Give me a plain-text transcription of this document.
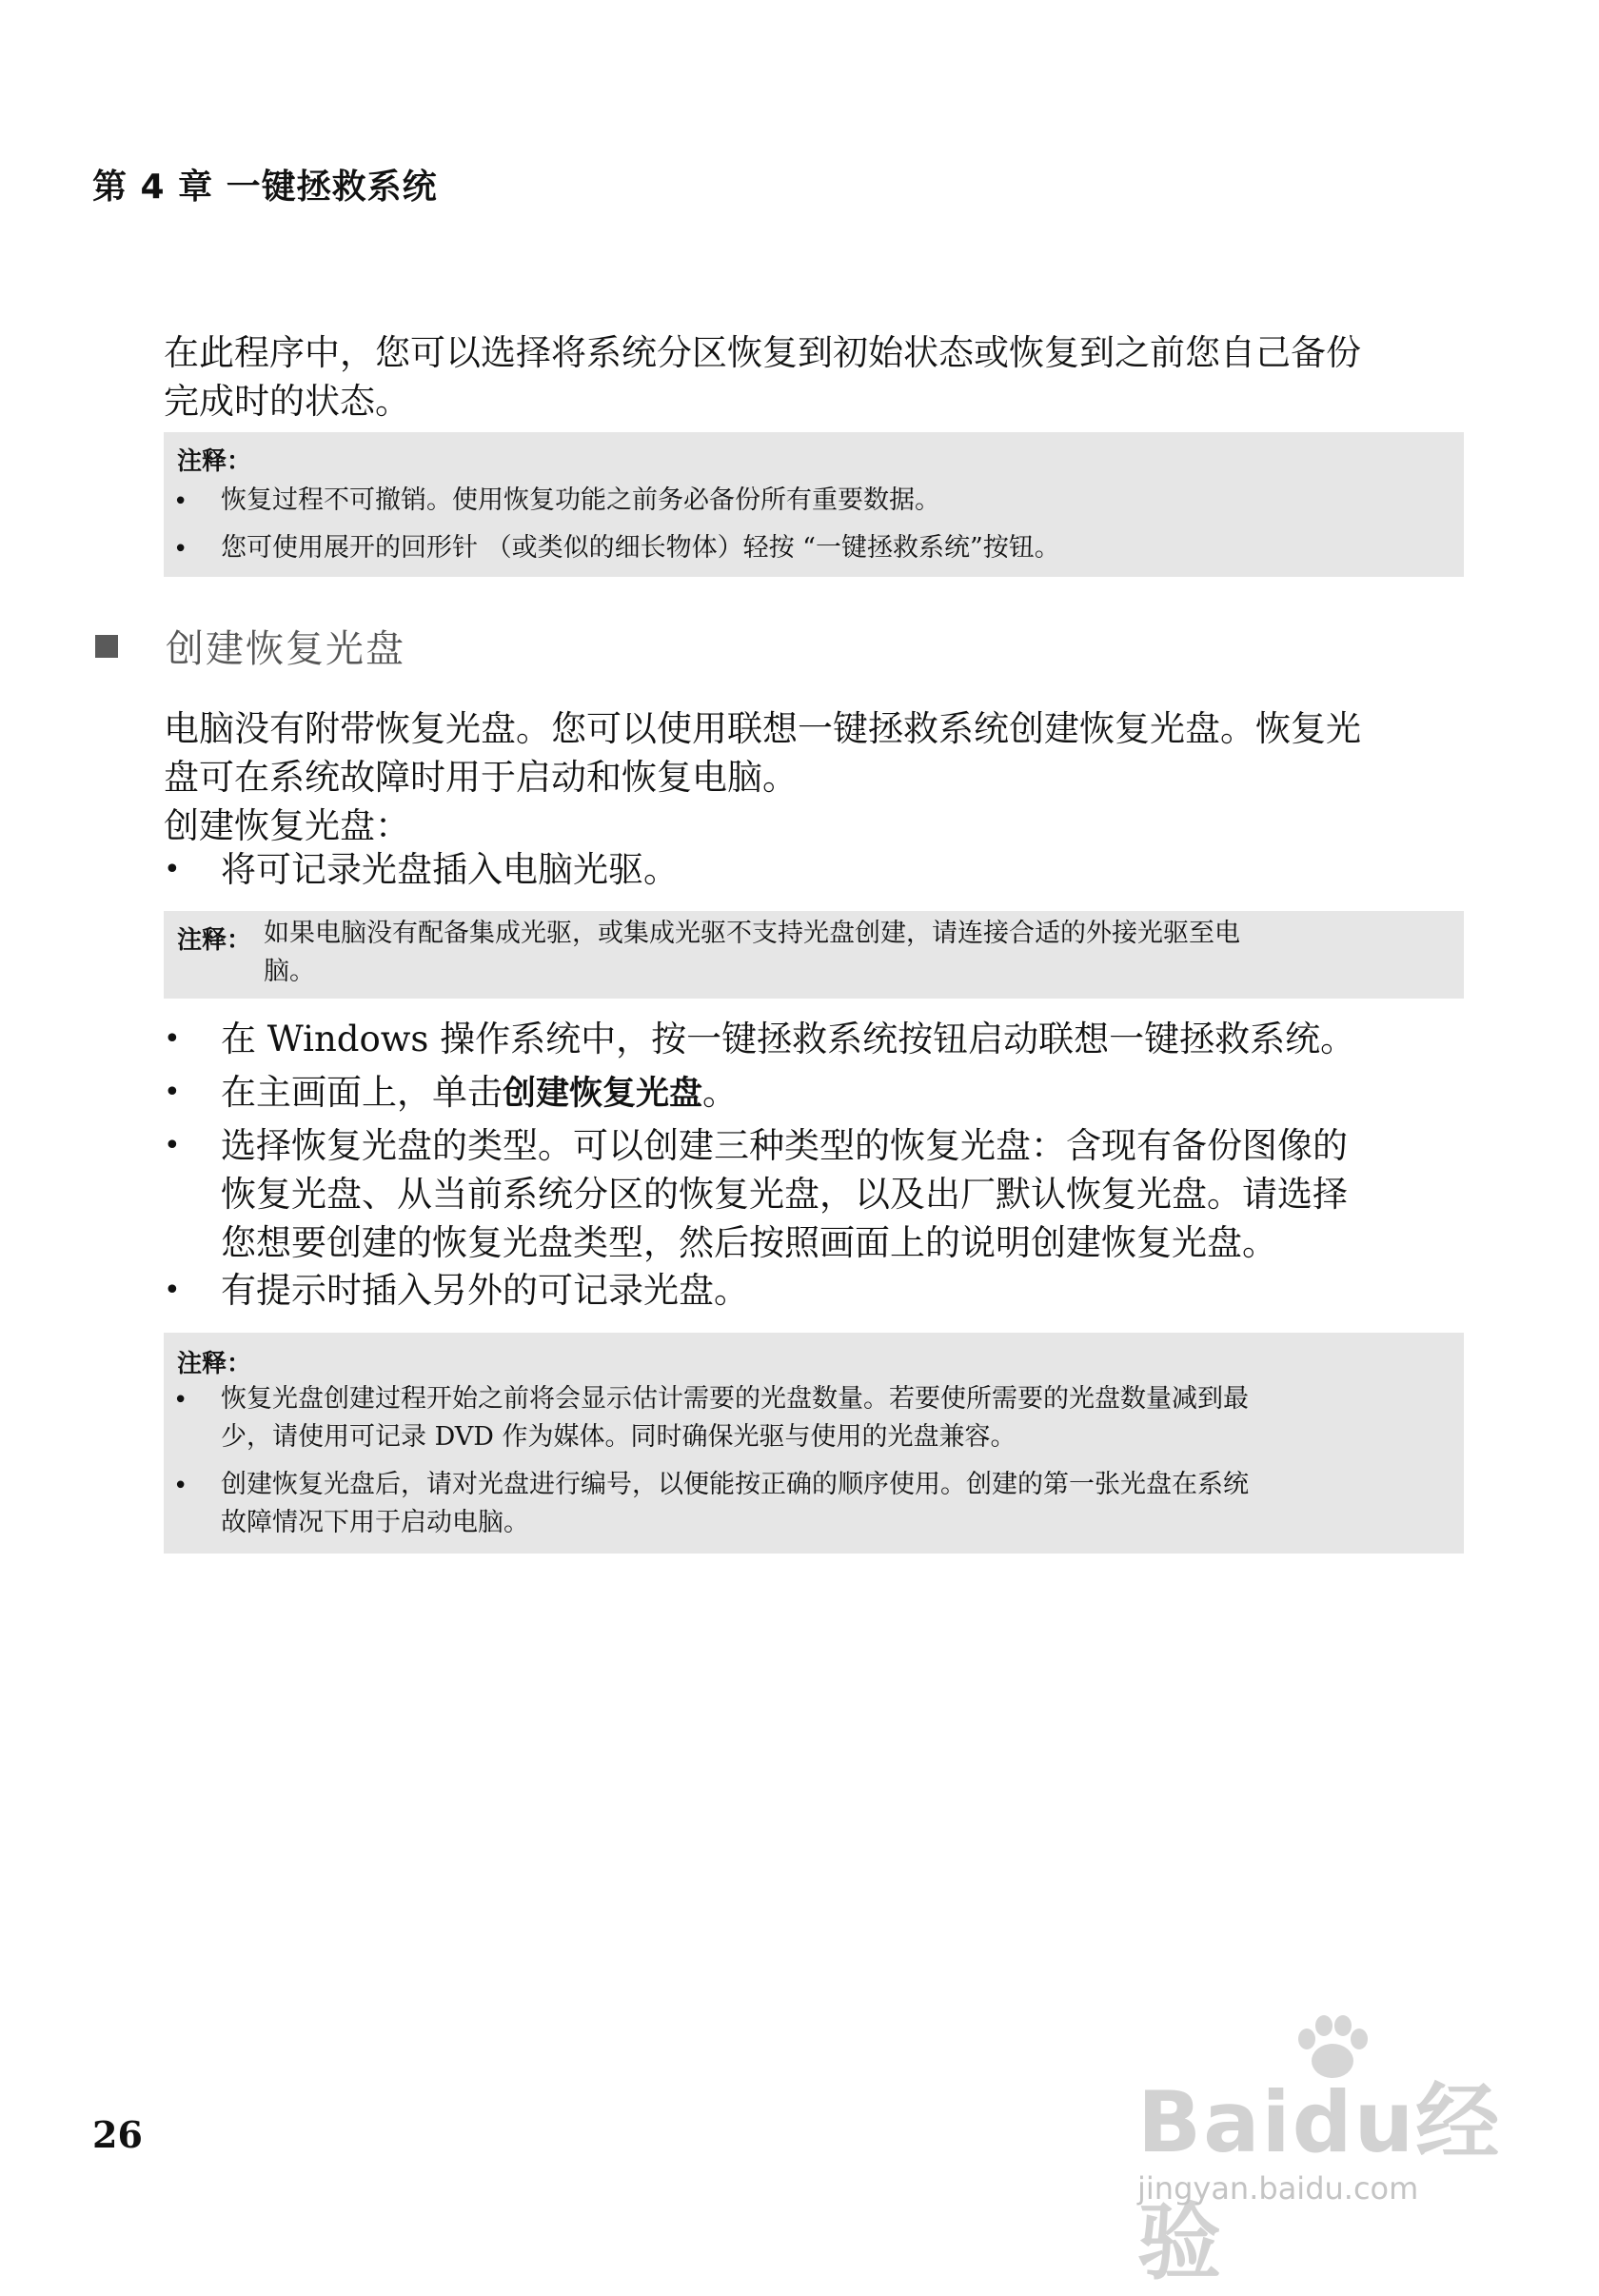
第 4 章 一键拯救系统
在此程序中，您可以选择将系统分区恢复到初始状态或恢复到之前您自己备份
完成时的状态。
注释：
• 恢复过程不可撤销。使用恢复功能之前务必备份所有重要数据。
• 您可使用展开的回形针 （或类似的细长物体）轻按 “一键拯救系统”按钮。
创建恢复光盘
电脑没有附带恢复光盘。您可以使用联想一键拯救系统创建恢复光盘。恢复光
盘可在系统故障时用于启动和恢复电脑。
创建恢复光盘：
• 将可记录光盘插入电脑光驱。
注释： 如果电脑没有配备集成光驱，或集成光驱不支持光盘创建，请连接合适的外接光驱至电
脑。
• 在 Windows 操作系统中，按一键拯救系统按钮启动联想一键拯救系统。
• 在主画面上，单击创建恢复光盘。
• 选择恢复光盘的类型。可以创建三种类型的恢复光盘：含现有备份图像的
恢复光盘、从当前系统分区的恢复光盘，以及出厂默认恢复光盘。请选择
您想要创建的恢复光盘类型，然后按照画面上的说明创建恢复光盘。
• 有提示时插入另外的可记录光盘。
注释：
• 恢复光盘创建过程开始之前将会显示估计需要的光盘数量。若要使所需要的光盘数量减到最
少，请使用可记录 DVD 作为媒体。同时确保光驱与使用的光盘兼容。
• 创建恢复光盘后，请对光盘进行编号，以便能按正确的顺序使用。创建的第一张光盘在系统
故障情况下用于启动电脑。
26	Baidu经验
jingyan.baidu.com
